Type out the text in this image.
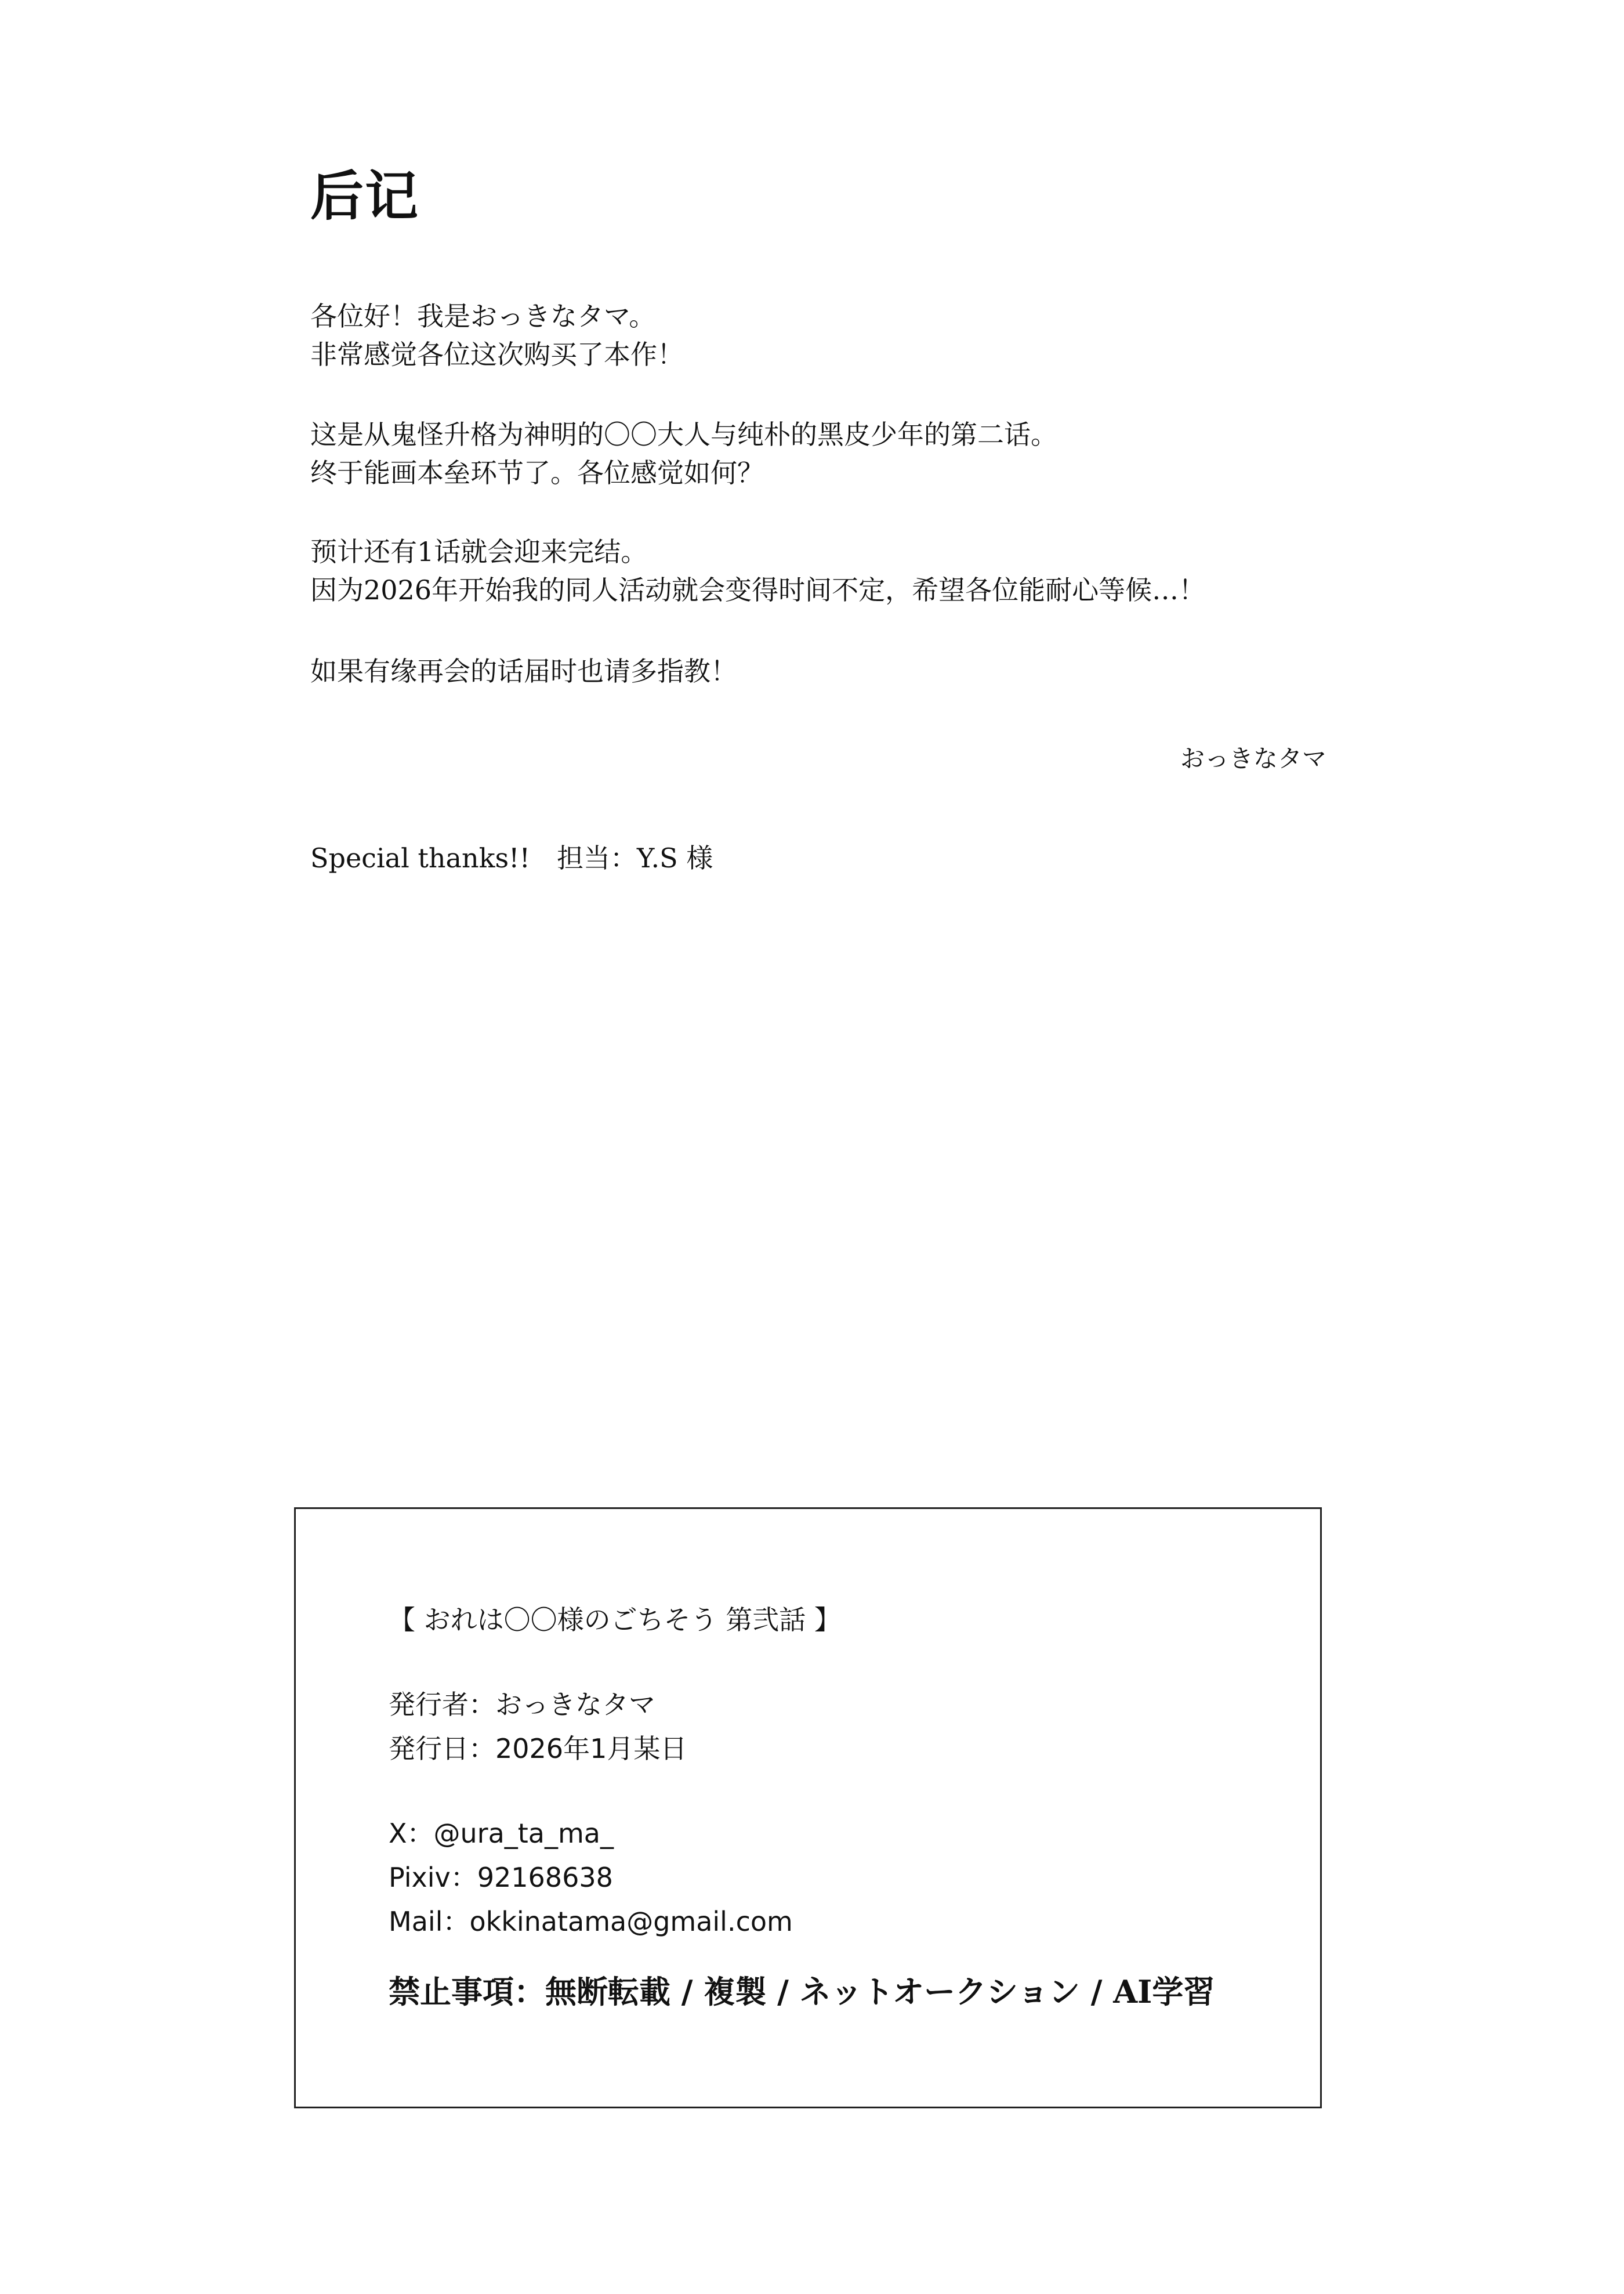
后记
各位好！我是おっきなタマ。
非常感觉各位这次购买了本作！
这是从鬼怪升格为神明的〇〇大人与纯朴的黑皮少年的第二话。
终于能画本垒环节了。各位感觉如何？
预计还有1话就会迎来完结。
因为2026年开始我的同人活动就会变得时间不定，希望各位能耐心等候…！
如果有缘再会的话届时也请多指教！
おっきなタマ
Special thanks!!　担当：Y.S 様
【 おれは〇〇様のごちそう 第弐話 】
発行者：おっきなタマ
発行日：2026年1月某日
X：@ura_ta_ma_
Pixiv：92168638
Mail：okkinatama@gmail.com
禁止事項：無断転載 / 複製 / ネットオークション / AI学習
